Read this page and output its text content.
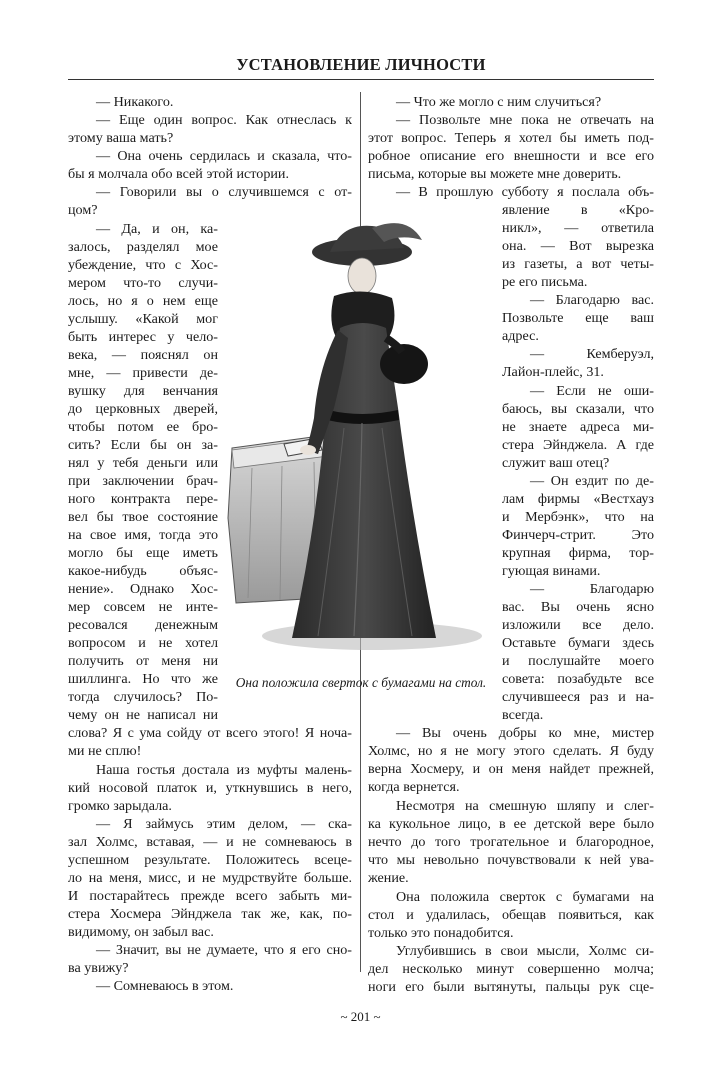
УСТАНОВЛЕНИЕ ЛИЧНОСТИ
— Никакого.
— Еще один вопрос. Как отнеслась к
этому ваша мать?
— Она очень сердилась и сказала, что-
бы я молчала обо всей этой истории.
— Говорили вы о случившемся с от-
цом?
— Да, и он, ка-
залось, разделял мое
убеждение, что с Хос-
мером что-то случи-
лось, но я о нем еще
услышу. «Какой мог
быть интерес у чело-
века, — пояснял он
мне, — привести де-
вушку для венчания
до церковных дверей,
чтобы потом ее бро-
сить? Если бы он за-
нял у тебя деньги или
при заключении брач-
ного контракта пере-
вел бы твое состояние
на свое имя, тогда это
могло бы еще иметь
какое-нибудь объяс-
нение». Однако Хос-
мер совсем не инте-
ресовался денежным
вопросом и не хотел
получить от меня ни
шиллинга. Но что же
тогда случилось? По-
чему он не написал ни
слова? Я с ума сойду от всего этого! Я ноча-
ми не сплю!
Наша гостья достала из муфты малень-
кий носовой платок и, уткнувшись в него,
громко зарыдала.
— Я займусь этим делом, — ска-
зал Холмс, вставая, — и не сомневаюсь в
успешном результате. Положитесь всецe-
ло на меня, мисс, и не мудрствуйте больше.
И постарайтесь прежде всего забыть ми-
стера Хосмера Эйнджела так же, как, по-
видимому, он забыл вас.
— Значит, вы не думаете, что я его сно-
ва увижу?
— Сомневаюсь в этом.
— Что же могло с ним случиться?
— Позвольте мне пока не отвечать на
этот вопрос. Теперь я хотел бы иметь под-
робное описание его внешности и все его
письма, которые вы можете мне доверить.
— В прошлую субботу я послала объ-
явление в «Кро-
никл», — ответила
она. — Вот вырезка
из газеты, а вот четы-
ре его письма.
— Благодарю вас.
Позвольте еще ваш
адрес.
— Кемберуэл,
Лайон-плейс, 31.
— Если не оши-
баюсь, вы сказали, что
не знаете адреса ми-
стера Эйнджела. А где
служит ваш отец?
— Он ездит по де-
лам фирмы «Вестхауз
и Мербэнк», что на
Финчерч-стрит. Это
крупная фирма, тор-
гующая винами.
— Благодарю
вас. Вы очень ясно
изложили все дело.
Оставьте бумаги здесь
и послушайте моего
совета: позабудьте все
случившееся раз и на-
всегда.
— Вы очень добры ко мне, мистер
Холмс, но я не могу этого сделать. Я буду
верна Хосмеру, и он меня найдет прежней,
когда вернется.
Несмотря на смешную шляпу и слег-
ка кукольное лицо, в ее детской вере было
нечто до того трогательное и благородное,
что мы невольно почувствовали к ней ува-
жение.
Она положила сверток с бумагами на
стол и удалилась, обещав появиться, как
только это понадобится.
Углубившись в свои мысли, Холмс си-
дел несколько минут совершенно молча;
ноги его были вытянуты, пальцы рук сце-
Она положила сверток с бумагами на стол.
~ 201 ~
